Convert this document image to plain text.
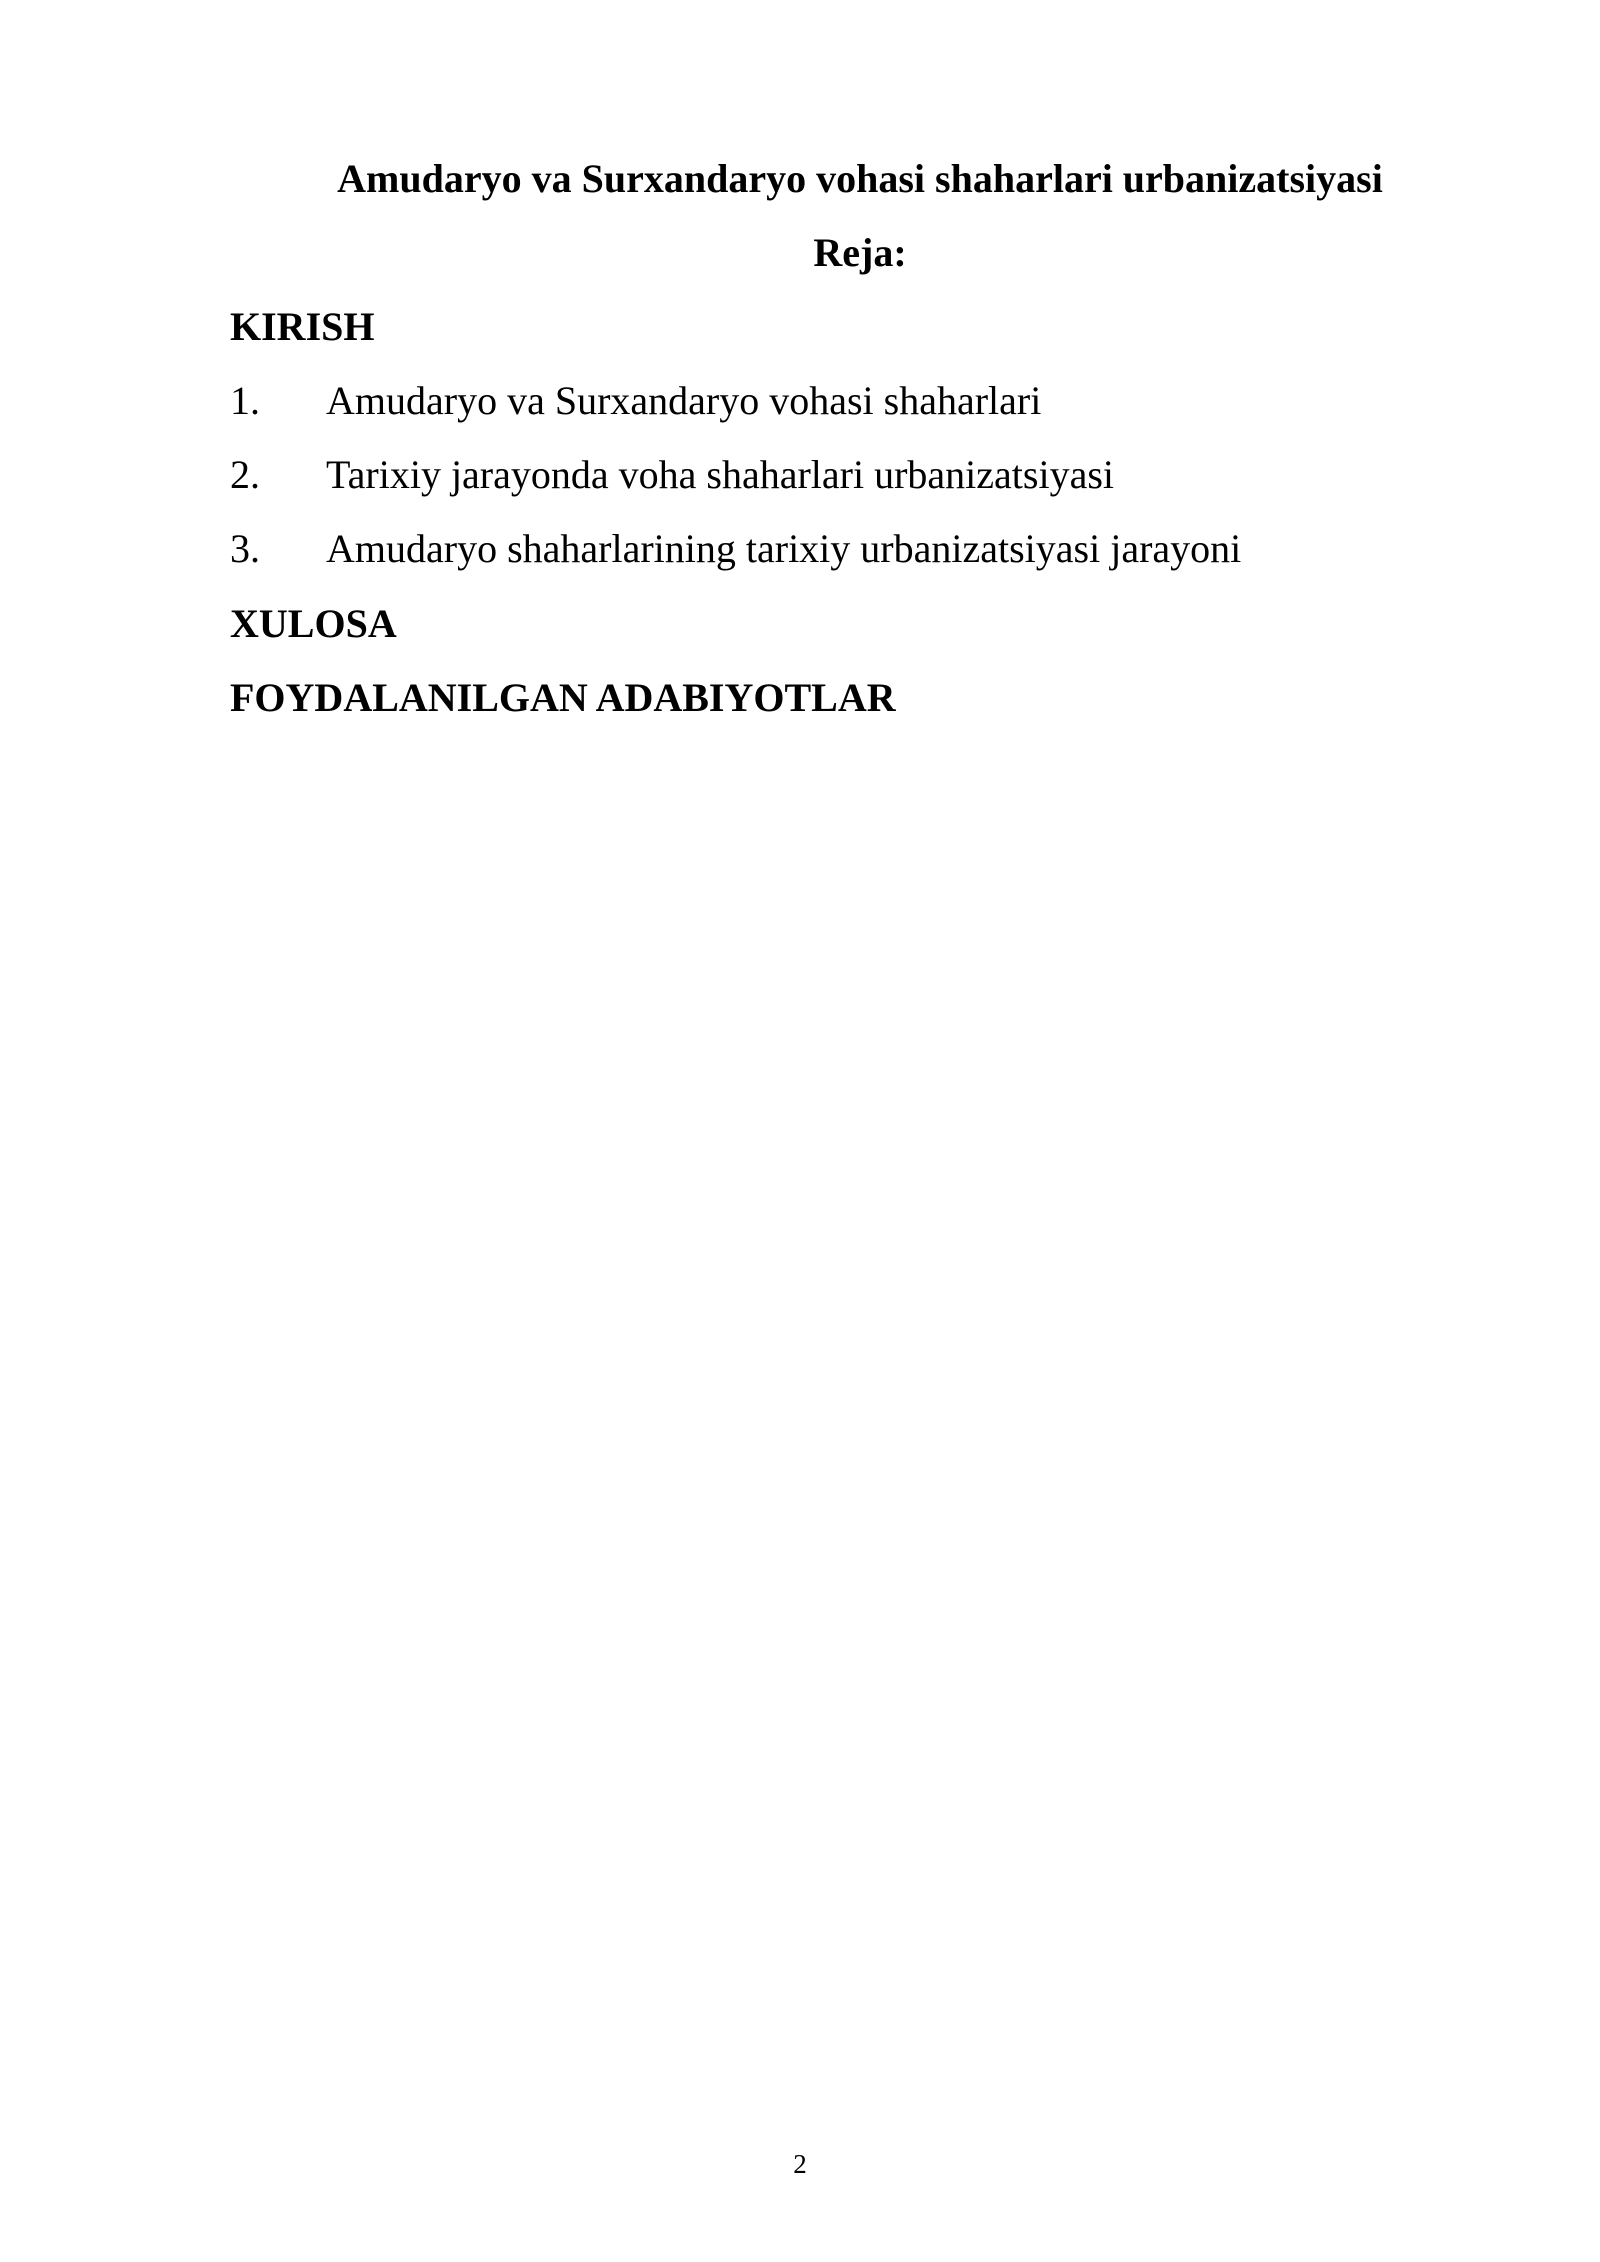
Amudaryo va Surxandaryo vohasi shaharlari urbanizatsiyasi
Reja:
KIRISH
1. Amudaryo va Surxandaryo vohasi shaharlari
2. Tarixiy jarayonda voha shaharlari urbanizatsiyasi
3. Amudaryo shaharlarining tarixiy urbanizatsiyasi jarayoni
XULOSA
FOYDALANILGAN ADABIYOTLAR
2
